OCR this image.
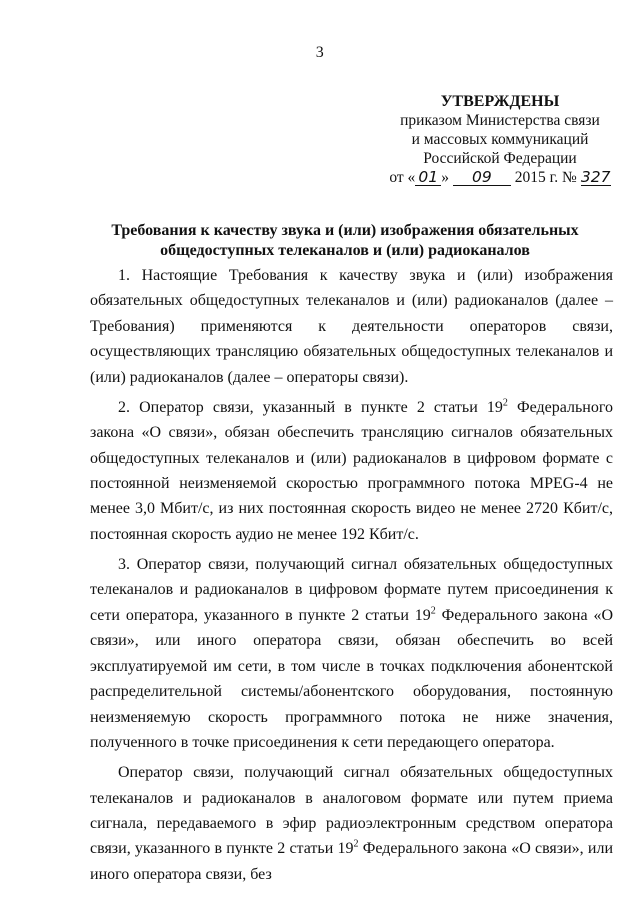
3
УТВЕРЖДЕНЫ
приказом Министерства связи
и массовых коммуникаций
Российской Федерации
от « 01 » 09 2015 г. № 327
Требования к качеству звука и (или) изображения обязательных
общедоступных телеканалов и (или) радиоканалов

1. Настоящие Требования к качеству звука и (или) изображения обязательных общедоступных телеканалов и (или) радиоканалов (далее – Требования) применяются к деятельности операторов связи, осуществляющих трансляцию обязательных общедоступных телеканалов и (или) радиоканалов (далее – операторы связи).

2. Оператор связи, указанный в пункте 2 статьи $19^2$ Федерального закона «О связи», обязан обеспечить трансляцию сигналов обязательных общедоступных телеканалов и (или) радиоканалов в цифровом формате с постоянной неизменяемой скоростью программного потока MPEG-4 не менее 3,0 Мбит/с, из них постоянная скорость видео не менее 2720 Кбит/с, постоянная скорость аудио не менее 192 Кбит/с.

3. Оператор связи, получающий сигнал обязательных общедоступных телеканалов и радиоканалов в цифровом формате путем присоединения к сети оператора, указанного в пункте 2 статьи $19^2$ Федерального закона «О связи», или иного оператора связи, обязан обеспечить во всей эксплуатируемой им сети, в том числе в точках подключения абонентской распределительной системы/абонентского оборудования, постоянную неизменяемую скорость программного потока не ниже значения, полученного в точке присоединения к сети передающего оператора.

Оператор связи, получающий сигнал обязательных общедоступных телеканалов и радиоканалов в аналоговом формате или путем приема сигнала, передаваемого в эфир радиоэлектронным средством оператора связи, указанного в пункте 2 статьи $19^2$ Федерального закона «О связи», или иного оператора связи, без
